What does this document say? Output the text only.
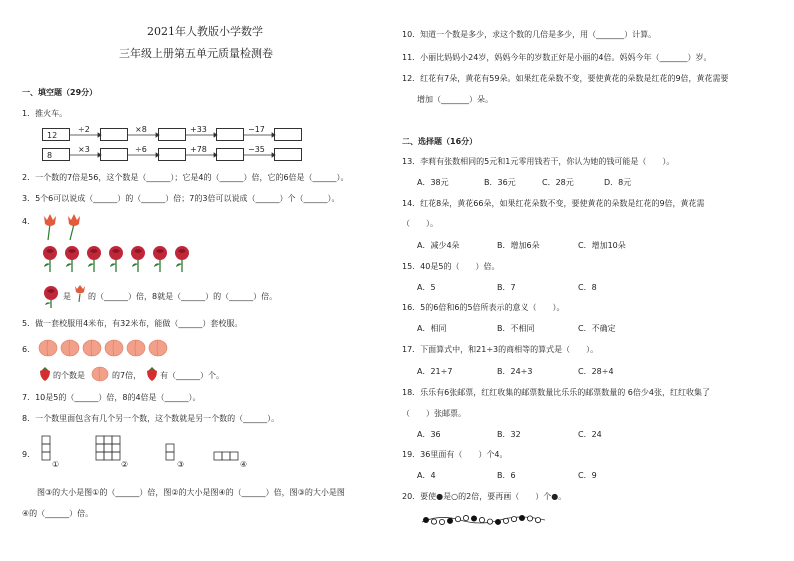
2021年人教版小学数学
三年级上册第五单元质量检测卷
一、填空题（29分）
1．推火车。
12
÷2	×8	+33	−17
8
×3	÷6	+78	−35
2．一个数的7倍是56，这个数是（______）；它是4的（______）倍，它的6倍是（______）。
3．5个6可以说成（______）的（______）倍；7的3倍可以说成（______）个（______）。
4．
是 的（______）倍，8就是（______）的（______）倍。
5．做一套校服用4米布，有32米布，能做（______）套校服。
6．
的个数是	的7倍， 有（______）个。
7．10是5的（______）倍，8的4倍是（______）。
8．一个数里面包含有几个另一个数，这个数就是另一个数的（______）。
9．
①	②	③	④
图③的大小是图①的（______）倍，图②的大小是图④的（______）倍，图③的大小是图
④的（______）倍。
10．知道一个数是多少，求这个数的几倍是多少，用（_______）计算。
11．小丽比妈妈小24岁，妈妈今年的岁数正好是小丽的4倍。妈妈今年（_______）岁。
12．红花有7朵，黄花有59朵。如果红花朵数不变，要使黄花的朵数是红花的9倍，黄花需要
增加（_______）朵。
二、选择题（16分）
13．李莉有张数相同的5元和1元零用钱若干，你认为她的钱可能是（　　）。
A．38元	B．36元	C．28元	D．8元
14．红花8朵，黄花66朵，如果红花朵数不变，要使黄花的朵数是红花的9倍，黄花需
（　　）。
A．减少4朵	B．增加6朵	C．增加10朵
15．40是5的（　　）倍。
A．5	B．7	C．8
16．5的6倍和6的5倍所表示的意义（　　）。
A．相同	B．不相同	C．不确定
17．下面算式中，和21÷3的商相等的算式是（　　）。
A．21÷7	B．24÷3	C．28÷4
18．乐乐有6张邮票，红红收集的邮票数量比乐乐的邮票数量的 6倍少4张，红红收集了
（　　）张邮票。
A．36	B．32	C．24
19．36里面有（　　）个4。
A．4	B．6	C．9
20．要使●是○的2倍，要再画（　　）个●。
